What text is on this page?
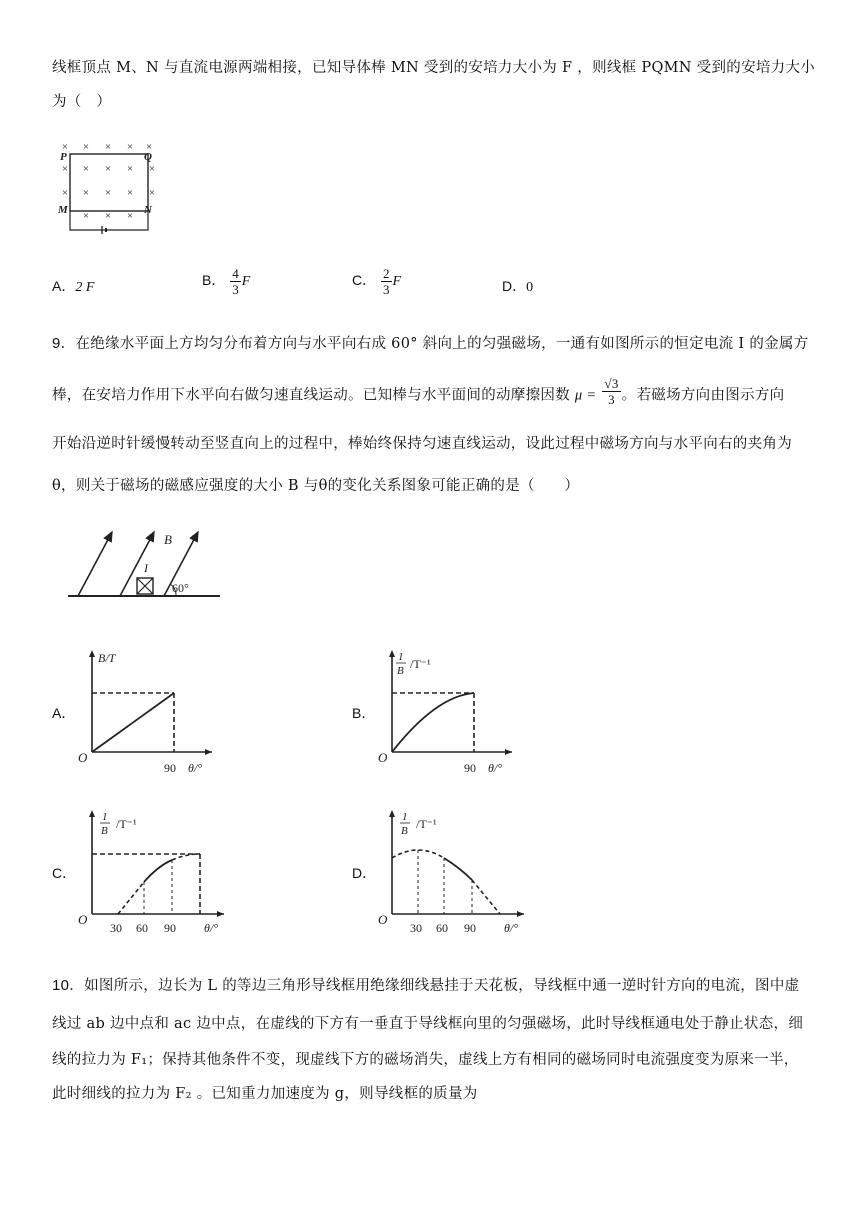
线框顶点 M、N 与直流电源两端相接，已知导体棒 MN 受到的安培力大小为 F ，则线框 PQMN 受到的安培力大小
为（　）
× × × × ×
× × × × ×
× × × × ×
× × ×
P	Q
M	N
A．2 F	B． $\frac{4}{3}$ F	C． $\frac{2}{3}$ F	D．0
9．在绝缘水平面上方均匀分布着方向与水平向右成 60° 斜向上的匀强磁场，一通有如图所示的恒定电流 I 的金属方
棒，在安培力作用下水平向右做匀速直线运动。已知棒与水平面间的动摩擦因数 $\mu = \frac{√3}{3}$ 。若磁场方向由图示方向
开始沿逆时针缓慢转动至竖直向上的过程中，棒始终保持匀速直线运动，设此过程中磁场方向与水平向右的夹角为
θ，则关于磁场的磁感应强度的大小 B 与θ的变化关系图象可能正确的是（　　）
B
I
60°
A．	B．
C．	D．
B/T
O
90 θ/°
1
B /T⁻¹
O
90 θ/°
1
B /T⁻¹
O
30 60 90 θ/°
1
B /T⁻¹
O
30 60 90 θ/°
10．如图所示，边长为 L 的等边三角形导线框用绝缘细线悬挂于天花板，导线框中通一逆时针方向的电流，图中虚
线过 ab 边中点和 ac 边中点，在虚线的下方有一垂直于导线框向里的匀强磁场，此时导线框通电处于静止状态，细
线的拉力为 F₁；保持其他条件不变，现虚线下方的磁场消失，虚线上方有相同的磁场同时电流强度变为原来一半，
此时细线的拉力为 F₂ 。已知重力加速度为 g，则导线框的质量为
